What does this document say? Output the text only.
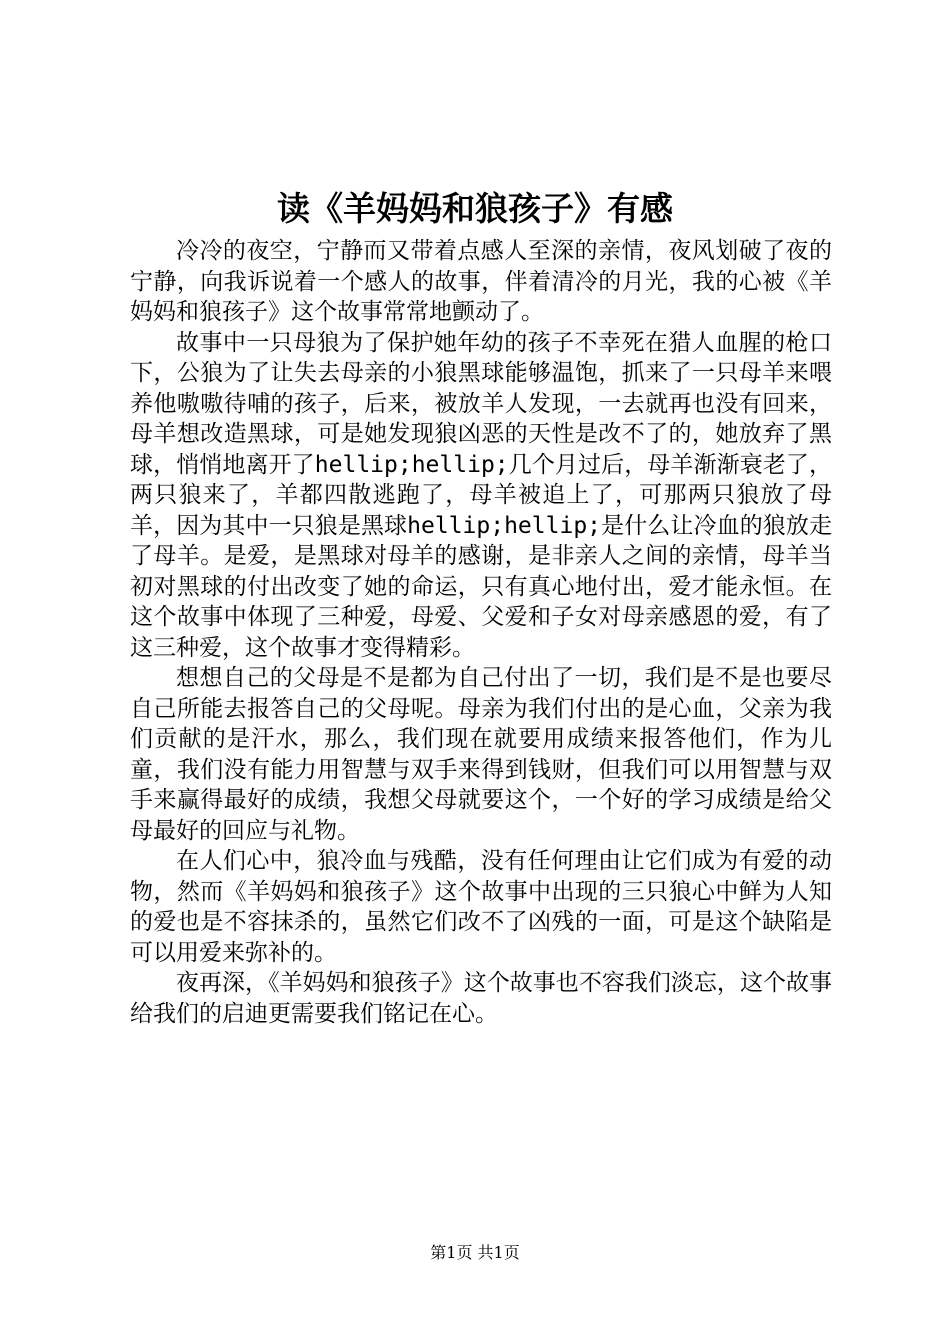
读《羊妈妈和狼孩子》有感

冷冷的夜空，宁静而又带着点感人至深的亲情，夜风划破了夜的宁静，向我诉说着一个感人的故事，伴着清冷的月光，我的心被《羊妈妈和狼孩子》这个故事常常地颤动了。

故事中一只母狼为了保护她年幼的孩子不幸死在猎人血腥的枪口下，公狼为了让失去母亲的小狼黑球能够温饱，抓来了一只母羊来喂养他嗷嗷待哺的孩子，后来，被放羊人发现，一去就再也没有回来，母羊想改造黑球，可是她发现狼凶恶的天性是改不了的，她放弃了黑球，悄悄地离开了hellip;hellip;几个月过后，母羊渐渐衰老了，两只狼来了，羊都四散逃跑了，母羊被追上了，可那两只狼放了母羊，因为其中一只狼是黑球hellip;hellip;是什么让冷血的狼放走了母羊。是爱，是黑球对母羊的感谢，是非亲人之间的亲情，母羊当初对黑球的付出改变了她的命运，只有真心地付出，爱才能永恒。在这个故事中体现了三种爱，母爱、父爱和子女对母亲感恩的爱，有了这三种爱，这个故事才变得精彩。

想想自己的父母是不是都为自己付出了一切，我们是不是也要尽自己所能去报答自己的父母呢。母亲为我们付出的是心血，父亲为我们贡献的是汗水，那么，我们现在就要用成绩来报答他们，作为儿童，我们没有能力用智慧与双手来得到钱财，但我们可以用智慧与双手来赢得最好的成绩，我想父母就要这个，一个好的学习成绩是给父母最好的回应与礼物。

在人们心中，狼冷血与残酷，没有任何理由让它们成为有爱的动物，然而《羊妈妈和狼孩子》这个故事中出现的三只狼心中鲜为人知的爱也是不容抹杀的，虽然它们改不了凶残的一面，可是这个缺陷是可以用爱来弥补的。

夜再深，《羊妈妈和狼孩子》这个故事也不容我们淡忘，这个故事给我们的启迪更需要我们铭记在心。

第1页 共1页
